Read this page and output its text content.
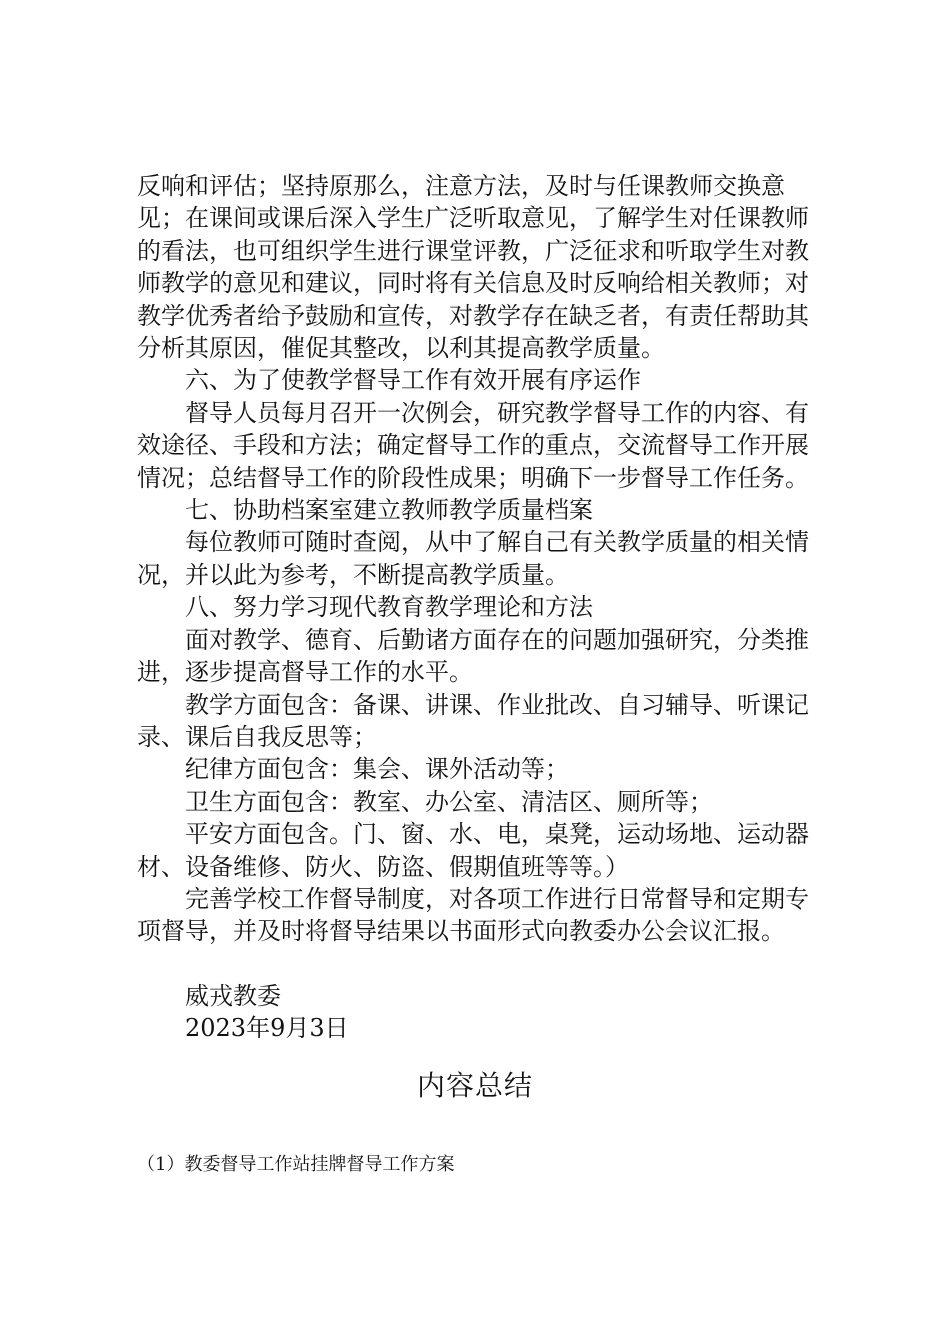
反响和评估；坚持原那么，注意方法，及时与任课教师交换意见；在课间或课后深入学生广泛听取意见，了解学生对任课教师的看法，也可组织学生进行课堂评教，广泛征求和听取学生对教师教学的意见和建议，同时将有关信息及时反响给相关教师；对教学优秀者给予鼓励和宣传，对教学存在缺乏者，有责任帮助其分析其原因，催促其整改，以利其提高教学质量。

六、为了使教学督导工作有效开展有序运作

督导人员每月召开一次例会，研究教学督导工作的内容、有效途径、手段和方法；确定督导工作的重点，交流督导工作开展情况；总结督导工作的阶段性成果；明确下一步督导工作任务。

七、协助档案室建立教师教学质量档案

每位教师可随时查阅，从中了解自己有关教学质量的相关情况，并以此为参考，不断提高教学质量。

八、努力学习现代教育教学理论和方法

面对教学、德育、后勤诸方面存在的问题加强研究，分类推进，逐步提高督导工作的水平。

教学方面包含：备课、讲课、作业批改、自习辅导、听课记录、课后自我反思等；

纪律方面包含：集会、课外活动等；

卫生方面包含：教室、办公室、清洁区、厕所等；

平安方面包含。门、窗、水、电，桌凳，运动场地、运动器材、设备维修、防火、防盗、假期值班等等。）

完善学校工作督导制度，对各项工作进行日常督导和定期专项督导，并及时将督导结果以书面形式向教委办公会议汇报。

威戎教委
2023年9月3日
内容总结
（1）教委督导工作站挂牌督导工作方案
